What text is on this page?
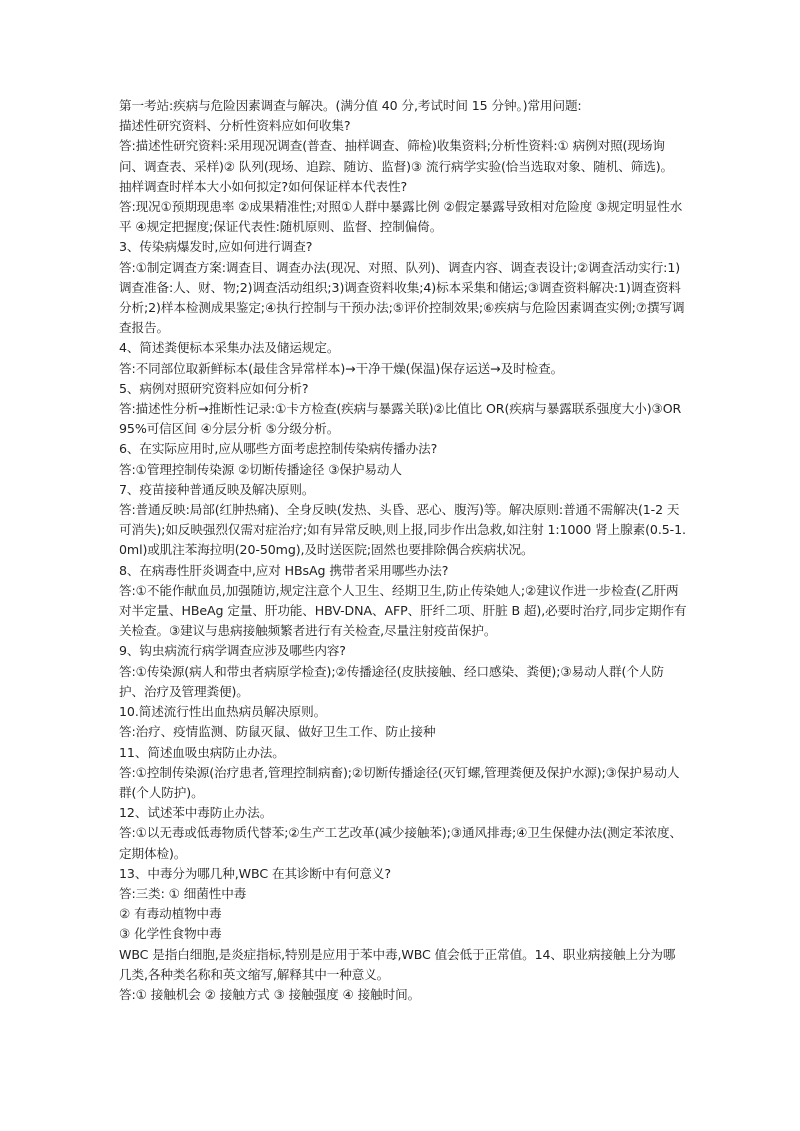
第一考站:疾病与危险因素调查与解决。(满分值 40 分,考试时间 15 分钟。)常用问题:

描述性研究资料、分析性资料应如何收集?

答:描述性研究资料:采用现况调查(普查、抽样调查、筛检)收集资料;分析性资料:① 病例对照(现场询问、调查表、采样)② 队列(现场、追踪、随访、监督)③ 流行病学实验(恰当选取对象、随机、筛选)。

抽样调查时样本大小如何拟定?如何保证样本代表性?

答:现况①预期现患率 ②成果精准性;对照①人群中暴露比例 ②假定暴露导致相对危险度 ③规定明显性水平 ④规定把握度;保证代表性:随机原则、监督、控制偏倚。

3、传染病爆发时,应如何进行调查?

答:①制定调查方案:调查目、调查办法(现况、对照、队列)、调查内容、调查表设计;②调查活动实行:1)调查准备:人、财、物;2)调查活动组织;3)调查资料收集;4)标本采集和储运;③调查资料解决:1)调查资料分析;2)样本检测成果鉴定;④执行控制与干预办法;⑤评价控制效果;⑥疾病与危险因素调查实例;⑦撰写调查报告。

4、简述粪便标本采集办法及储运规定。

答:不同部位取新鲜标本(最佳含异常样本)→干净干燥(保温)保存运送→及时检查。

5、病例对照研究资料应如何分析?

答:描述性分析→推断性记录:①卡方检查(疾病与暴露关联)②比值比 OR(疾病与暴露联系强度大小)③OR95%可信区间 ④分层分析 ⑤分级分析。

6、在实际应用时,应从哪些方面考虑控制传染病传播办法?

答:①管理控制传染源 ②切断传播途径 ③保护易动人

7、疫苗接种普通反映及解决原则。

答:普通反映:局部(红肿热痛)、全身反映(发热、头昏、恶心、腹泻)等。解决原则:普通不需解决(1-2 天可消失);如反映强烈仅需对症治疗;如有异常反映,则上报,同步作出急救,如注射 1:1000 肾上腺素(0.5-1.0ml)或肌注苯海拉明(20-50mg),及时送医院;固然也要排除偶合疾病状况。

8、在病毒性肝炎调查中,应对 HBsAg 携带者采用哪些办法?

答:①不能作献血员,加强随访,规定注意个人卫生、经期卫生,防止传染她人;②建议作进一步检查(乙肝两对半定量、HBeAg 定量、肝功能、HBV-DNA、AFP、肝纤二项、肝脏 B 超),必要时治疗,同步定期作有关检查。③建议与患病接触频繁者进行有关检查,尽量注射疫苗保护。

9、钩虫病流行病学调查应涉及哪些内容?

答:①传染源(病人和带虫者病原学检查);②传播途径(皮肤接触、经口感染、粪便);③易动人群(个人防护、治疗及管理粪便)。

10.简述流行性出血热病员解决原则。

答:治疗、疫情监测、防鼠灭鼠、做好卫生工作、防止接种

11、简述血吸虫病防止办法。

答:①控制传染源(治疗患者,管理控制病畜);②切断传播途径(灭钉螺,管理粪便及保护水源);③保护易动人群(个人防护)。

12、试述苯中毒防止办法。

答:①以无毒或低毒物质代替苯;②生产工艺改革(减少接触苯);③通风排毒;④卫生保健办法(测定苯浓度、定期体检)。

13、中毒分为哪几种,WBC 在其诊断中有何意义?

答:三类: ① 细菌性中毒

② 有毒动植物中毒

③ 化学性食物中毒

WBC 是指白细胞,是炎症指标,特别是应用于苯中毒,WBC 值会低于正常值。14、职业病接触上分为哪几类,各种类名称和英文缩写,解释其中一种意义。

答:① 接触机会 ② 接触方式 ③ 接触强度 ④ 接触时间。
